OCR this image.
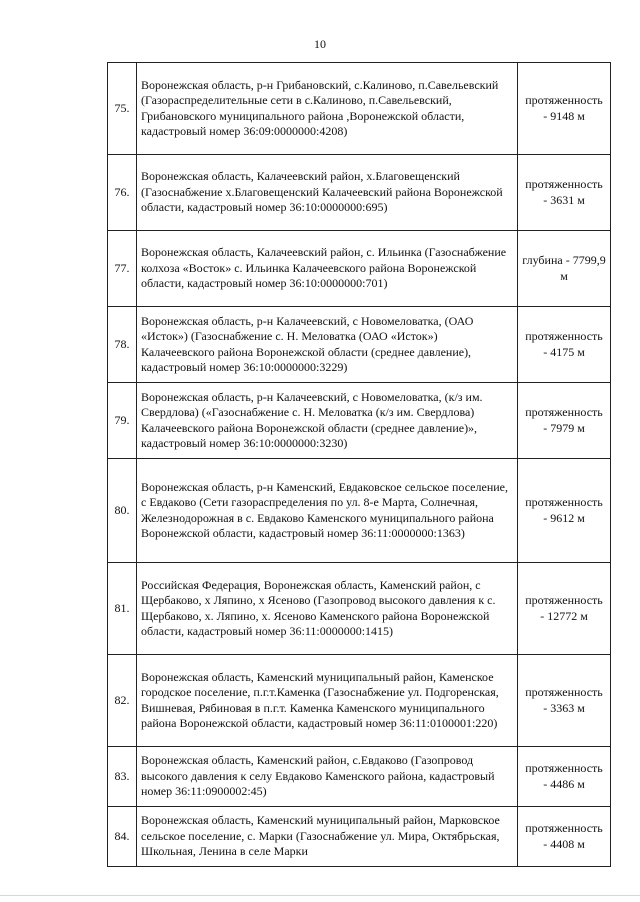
10
75.	Воронежская область, р-н Грибановский, с.Калиново, п.Савельевский (Газораспределительные сети в с.Калиново, п.Савельевский, Грибановского муниципального района ,Воронежской области, кадастровый номер 36:09:0000000:4208)	протяженность - 9148 м
76.	Воронежская область, Калачеевский район, х.Благовещенский (Газоснабжение х.Благовещенский Калачеевский района Воронежской области, кадастровый номер 36:10:0000000:695)	протяженность - 3631 м
77.	Воронежская область, Калачеевский район, с. Ильинка (Газоснабжение колхоза «Восток» с. Ильинка Калачеевского района Воронежской области, кадастровый номер 36:10:0000000:701)	глубина - 7799,9 м
78.	Воронежская область, р-н Калачеевский, с Новомеловатка, (ОАО «Исток») (Газоснабжение с. Н. Меловатка (ОАО «Исток») Калачеевского района Воронежской области (среднее давление), кадастровый номер 36:10:0000000:3229)	протяженность - 4175 м
79.	Воронежская область, р-н Калачеевский, с Новомеловатка, (к/з им. Свердлова) («Газоснабжение с. Н. Меловатка (к/з им. Свердлова) Калачеевского района Воронежской области (среднее давление)», кадастровый номер 36:10:0000000:3230)	протяженность - 7979 м
80.	Воронежская область, р-н Каменский, Евдаковское сельское поселение, с Евдаково (Сети газораспределения по ул. 8-е Марта, Солнечная, Железнодорожная в с. Евдаково Каменского муниципального района Воронежской области, кадастровый номер 36:11:0000000:1363)	протяженность - 9612 м
81.	Российская Федерация, Воронежская область, Каменский район, с Щербаково, х Ляпино, х Ясеново (Газопровод высокого давления к с. Щербаково, х. Ляпино, х. Ясеново Каменского района Воронежской области, кадастровый номер 36:11:0000000:1415)	протяженность - 12772 м
82.	Воронежская область, Каменский муниципальный район, Каменское городское поселение, п.г.т.Каменка (Газоснабжение ул. Подгоренская, Вишневая, Рябиновая в п.г.т. Каменка Каменского муниципального района Воронежской области, кадастровый номер 36:11:0100001:220)	протяженность - 3363 м
83.	Воронежская область, Каменский район, с.Евдаково (Газопровод высокого давления к селу Евдаково Каменского района, кадастровый номер 36:11:0900002:45)	протяженность - 4486 м
84.	Воронежская область, Каменский муниципальный район, Марковское сельское поселение, с. Марки (Газоснабжение ул. Мира, Октябрьская, Школьная, Ленина в селе Марки	протяженность - 4408 м
